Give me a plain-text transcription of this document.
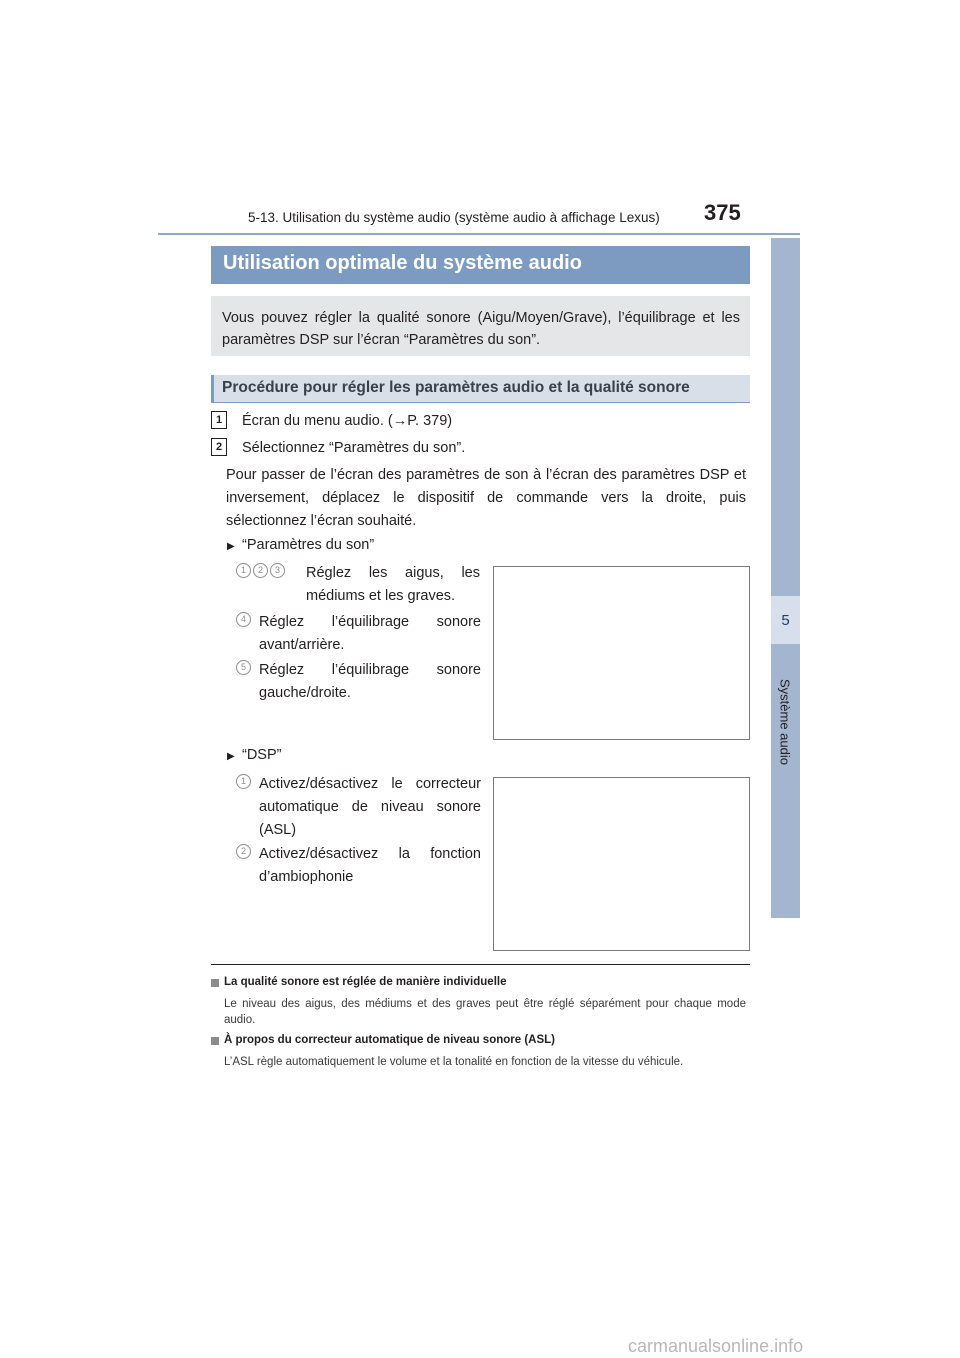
5-13. Utilisation du système audio (système audio à affichage Lexus)	375
5
Système audio
Utilisation optimale du système audio
Vous pouvez régler la qualité sonore (Aigu/Moyen/Grave), l’équilibrage et les paramètres DSP sur l’écran “Paramètres du son”.
Procédure pour régler les paramètres audio et la qualité sonore
1	Écran du menu audio. (→P. 379)
2	Sélectionnez “Paramètres du son”.
Pour passer de l’écran des paramètres de son à l’écran des paramètres DSP et inversement, déplacez le dispositif de commande vers la droite, puis sélectionnez l’écran souhaité.
▶ “Paramètres du son”
1 2 3	Réglez les aigus, les médiums et les graves.
4 Réglez l’équilibrage sonore avant/arrière.
5 Réglez l’équilibrage sonore gauche/droite.
▶ “DSP”
1 Activez/désactivez le correcteur automatique de niveau sonore (ASL)
2 Activez/désactivez la fonction d’ambiophonie
La qualité sonore est réglée de manière individuelle
Le niveau des aigus, des médiums et des graves peut être réglé séparément pour chaque mode audio.
À propos du correcteur automatique de niveau sonore (ASL)
L’ASL règle automatiquement le volume et la tonalité en fonction de la vitesse du véhicule.
carmanualsonline.info
